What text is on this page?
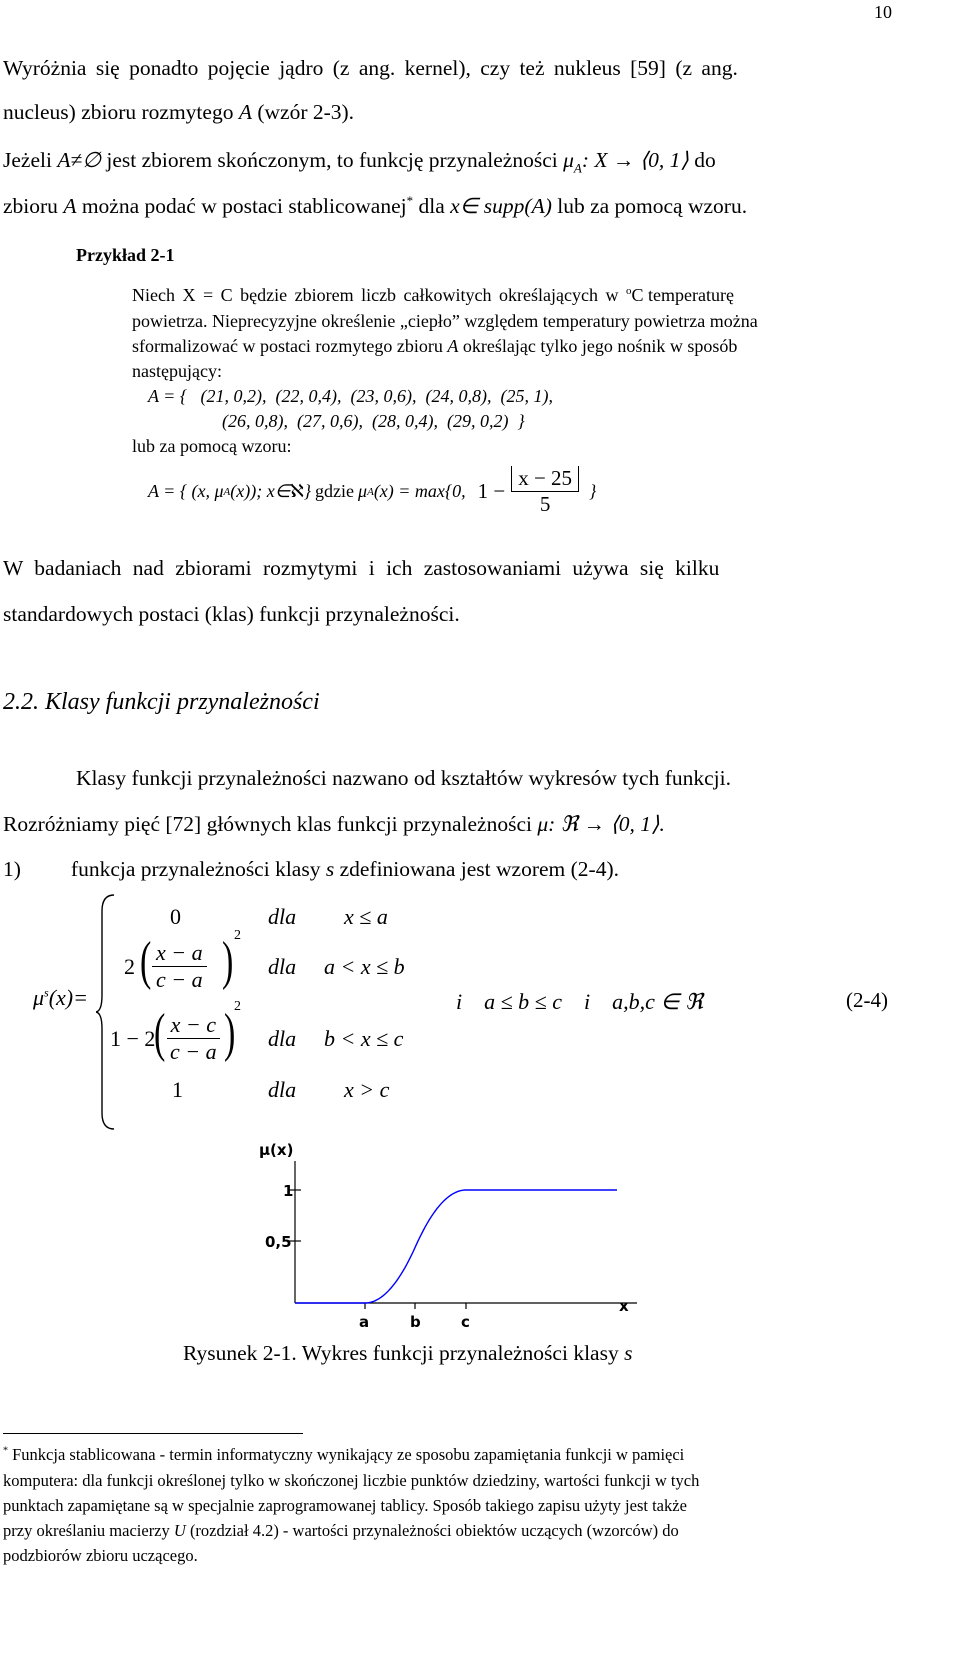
10
Wyróżnia się ponadto pojęcie jądro (z ang. kernel), czy też nukleus [59] (z ang.
nucleus) zbioru rozmytego A (wzór 2-3).
Jeżeli A≠∅ jest zbiorem skończonym, to funkcję przynależności $\mu_A$: X → ⟨0, 1⟩ do
zbioru A można podać w postaci stablicowanej* dla x∈ supp(A) lub za pomocą wzoru.
Przykład 2-1
Niech X = C będzie zbiorem liczb całkowitych określających w $^o$C temperaturę
powietrza. Nieprecyzyjne określenie „ciepło” względem temperatury powietrza można
sformalizować w postaci rozmytego zbioru A określając tylko jego nośnik w sposób
następujący:
A = {   (21, 0,2),  (22, 0,4),  (23, 0,6),  (24, 0,8),  (25, 1),
(26, 0,8),  (27, 0,6),  (28, 0,4),  (29, 0,2)  }
lub za pomocą wzoru:
A = { (x, μ A (x)); x∈ ℵ } gdzie μ A (x) = max{0, $1 - \frac{x - 25}{5}$ }
W badaniach nad zbiorami rozmytymi i ich zastosowaniami używa się kilku
standardowych postaci (klas) funkcji przynależności.
2.2. Klasy funkcji przynależności
Klasy funkcji przynależności nazwano od kształtów wykresów tych funkcji.
Rozróżniamy pięć [72] głównych klas funkcji przynależności μ: ℜ → ⟨0, 1⟩.
1) funkcja przynależności klasy s zdefiniowana jest wzorem (2-4).
$\mu^s(x)=$
0	dla x ≤ a
2 ( $\frac{x - a}{c - a}$ ) 2
dla a < x ≤ b
1 − 2
( $\frac{x - c}{c - a}$ )
2
dla b < x ≤ c
1	dla x > c
i    a ≤ b ≤ c    i    a,b,c ∈ ℜ	(2-4)
µ(x)
1
0,5
a	b	c
x
Rysunek 2-1. Wykres funkcji przynależności klasy s
* Funkcja stablicowana - termin informatyczny wynikający ze sposobu zapamiętania funkcji w pamięci
komputera: dla funkcji określonej tylko w skończonej liczbie punktów dziedziny, wartości funkcji w tych
punktach zapamiętane są w specjalnie zaprogramowanej tablicy. Sposób takiego zapisu użyty jest także
przy określaniu macierzy U (rozdział 4.2) - wartości przynależności obiektów uczących (wzorców) do
podzbiorów zbioru uczącego.
